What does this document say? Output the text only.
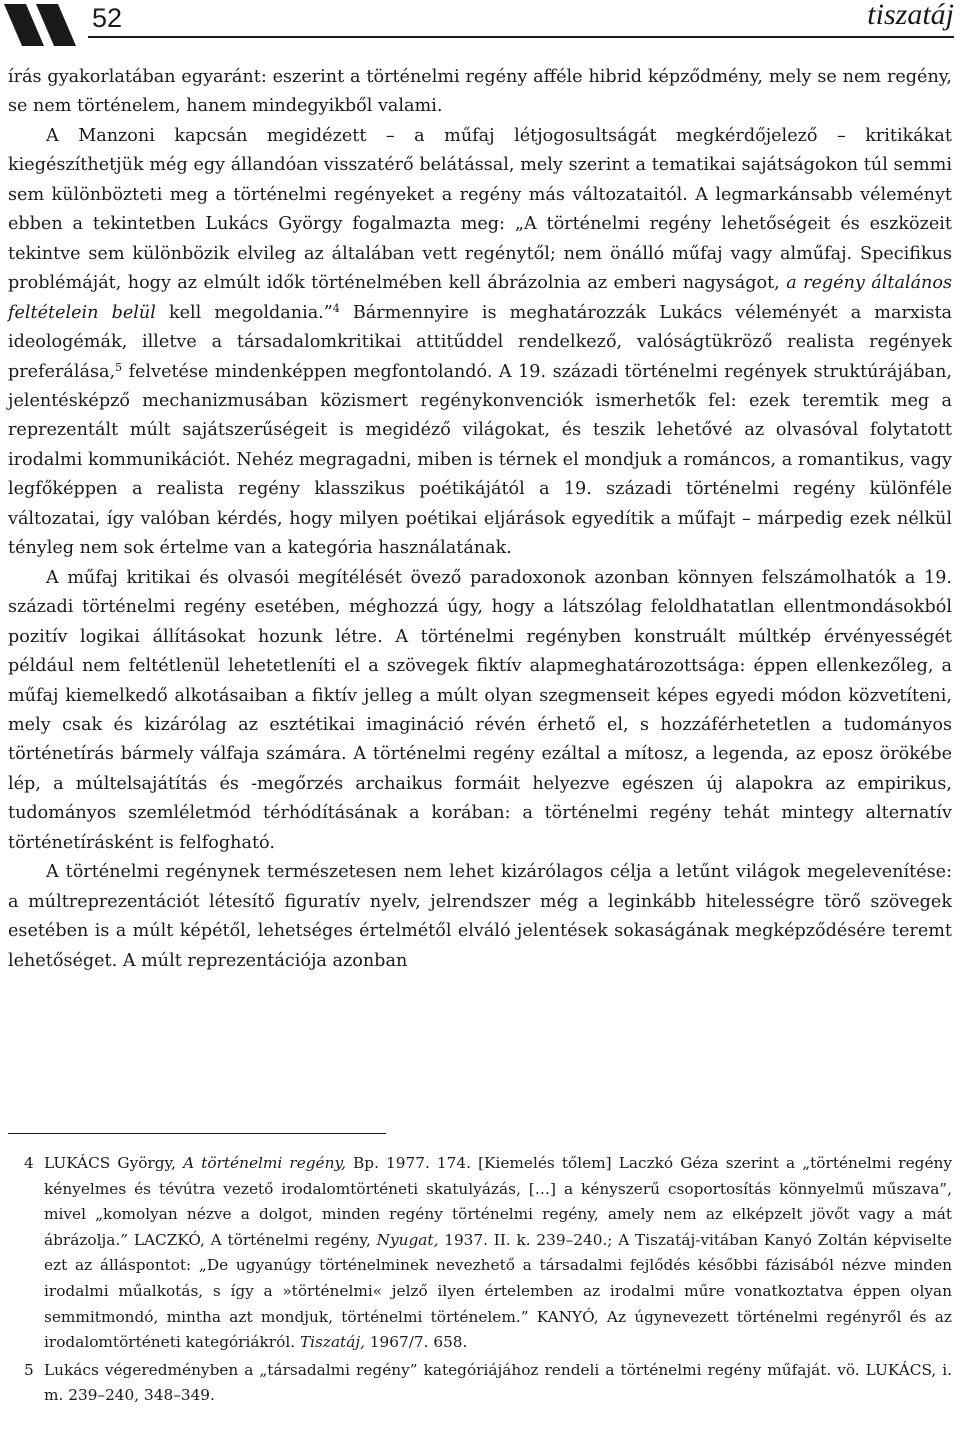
52	tiszatáj

írás gyakorlatában egyaránt: eszerint a történelmi regény afféle hibrid képződmény, mely se nem regény, se nem történelem, hanem mindegyikből valami.

A Manzoni kapcsán megidézett – a műfaj létjogosultságát megkérdőjelező – kritikákat kiegészíthetjük még egy állandóan visszatérő belátással, mely szerint a tematikai sajátságokon túl semmi sem különbözteti meg a történelmi regényeket a regény más változataitól. A legmarkánsabb véleményt ebben a tekintetben Lukács György fogalmazta meg: „A történelmi regény lehetőségeit és eszközeit tekintve sem különbözik elvileg az általában vett regénytől; nem önálló műfaj vagy alműfaj. Specifikus problémáját, hogy az elmúlt idők történelmében kell ábrázolnia az emberi nagyságot, a regény általános feltételein belül kell megoldania.”$^4$ Bármennyire is meghatározzák Lukács véleményét a marxista ideologémák, illetve a társadalomkritikai attitűddel rendelkező, valóságtükröző realista regények preferálása,$^5$ felvetése mindenképpen megfontolandó. A 19. századi történelmi regények struktúrájában, jelentésképző mechanizmusában közismert regénykonvenciók ismerhetők fel: ezek teremtik meg a reprezentált múlt sajátszerűségeit is megidéző világokat, és teszik lehetővé az olvasóval folytatott irodalmi kommunikációt. Nehéz megragadni, miben is térnek el mondjuk a románcos, a romantikus, vagy legfőképpen a realista regény klasszikus poétikájától a 19. századi történelmi regény különféle változatai, így valóban kérdés, hogy milyen poétikai eljárások egyedítik a műfajt – márpedig ezek nélkül tényleg nem sok értelme van a kategória használatának.

A műfaj kritikai és olvasói megítélését övező paradoxonok azonban könnyen felszámolhatók a 19. századi történelmi regény esetében, méghozzá úgy, hogy a látszólag feloldhatatlan ellentmondásokból pozitív logikai állításokat hozunk létre. A történelmi regényben konstruált múltkép érvényességét például nem feltétlenül lehetetleníti el a szövegek fiktív alapmeghatározottsága: éppen ellenkezőleg, a műfaj kiemelkedő alkotásaiban a fiktív jelleg a múlt olyan szegmenseit képes egyedi módon közvetíteni, mely csak és kizárólag az esztétikai imagináció révén érhető el, s hozzáférhetetlen a tudományos történetírás bármely válfaja számára. A történelmi regény ezáltal a mítosz, a legenda, az eposz örökébe lép, a múltelsajátítás és -megőrzés archaikus formáit helyezve egészen új alapokra az empirikus, tudományos szemléletmód térhódításának a korában: a történelmi regény tehát mintegy alternatív történetírásként is felfogható.

A történelmi regénynek természetesen nem lehet kizárólagos célja a letűnt világok megelevenítése: a múltreprezentációt létesítő figuratív nyelv, jelrendszer még a leginkább hitelességre törő szövegek esetében is a múlt képétől, lehetséges értelmétől elváló jelentések sokaságának megképződésére teremt lehetőséget. A múlt reprezentációja azonban

4 LUKÁCS György, A történelmi regény, Bp. 1977. 174. [Kiemelés tőlem] Laczkó Géza szerint a „történelmi regény kényelmes és tévútra vezető irodalomtörténeti skatulyázás, […] a kényszerű csoportosítás könnyelmű műszava”, mivel „komolyan nézve a dolgot, minden regény történelmi regény, amely nem az elképzelt jövőt vagy a mát ábrázolja.” LACZKÓ, A történelmi regény, Nyugat, 1937. II. k. 239–240.; A Tiszatáj-vitában Kanyó Zoltán képviselte ezt az álláspontot: „De ugyanúgy történelminek nevezhető a társadalmi fejlődés későbbi fázisából nézve minden irodalmi műalkotás, s így a »történelmi« jelző ilyen értelemben az irodalmi műre vonatkoztatva éppen olyan semmitmondó, mintha azt mondjuk, történelmi történelem.” KANYÓ, Az úgynevezett történelmi regényről és az irodalomtörténeti kategóriákról. Tiszatáj, 1967/7. 658.

5 Lukács végeredményben a „társadalmi regény” kategóriájához rendeli a történelmi regény műfaját. vö. LUKÁCS, i. m. 239–240, 348–349.
